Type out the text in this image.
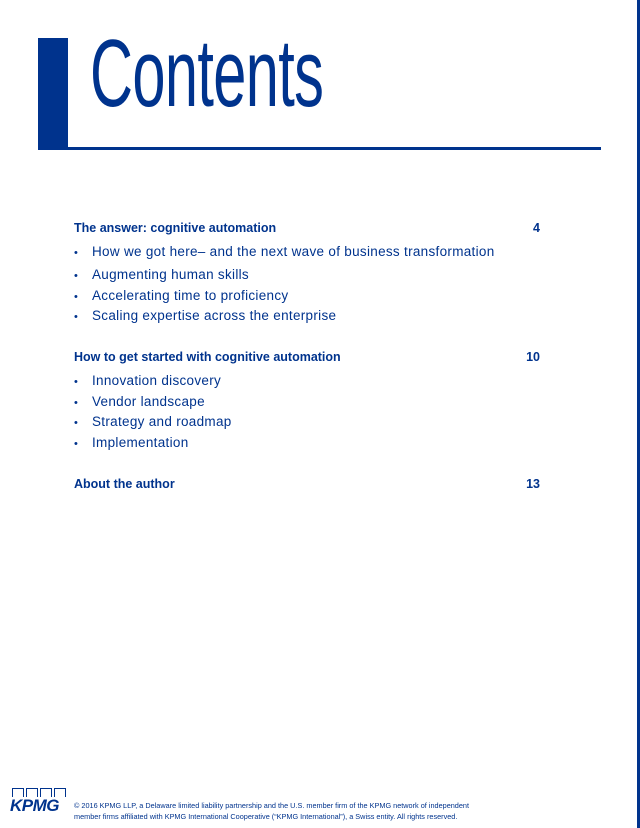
Contents
The answer: cognitive automation	4
• How we got here– and the next wave of business transformation
• Augmenting human skills
• Accelerating time to proficiency
• Scaling expertise across the enterprise
How to get started with cognitive automation	10
• Innovation discovery
• Vendor landscape
• Strategy and roadmap
• Implementation
About the author	13
KPMG © 2016 KPMG LLP, a Delaware limited liability partnership and the U.S. member firm of the KPMG network of independent
member firms affiliated with KPMG International Cooperative (“KPMG International”), a Swiss entity. All rights reserved.
